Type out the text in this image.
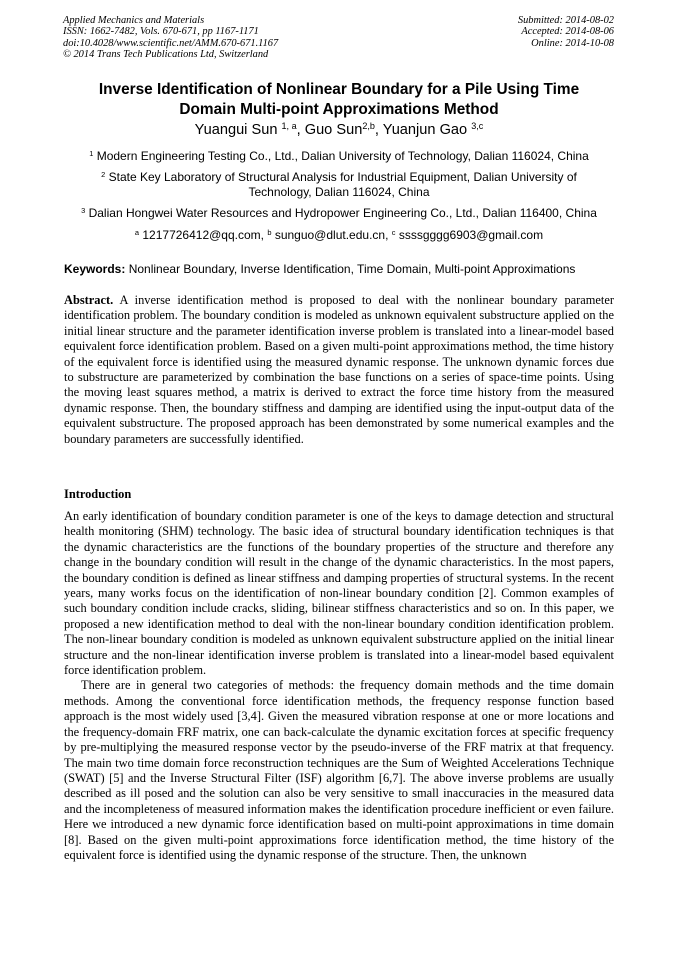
Applied Mechanics and Materials
ISSN: 1662-7482, Vols. 670-671, pp 1167-1171
doi:10.4028/www.scientific.net/AMM.670-671.1167
© 2014 Trans Tech Publications Ltd, Switzerland
Submitted: 2014-08-02
Accepted: 2014-08-06
Online: 2014-10-08
Inverse Identification of Nonlinear Boundary for a Pile Using Time
Domain Multi-point Approximations Method
Yuangui Sun $^{1, a}$, Guo Sun$^{2,b}$, Yuanjun Gao $^{3,c}$
$^1$ Modern Engineering Testing Co., Ltd., Dalian University of Technology, Dalian 116024, China
$^2$ State Key Laboratory of Structural Analysis for Industrial Equipment, Dalian University of
Technology, Dalian 116024, China
$^3$ Dalian Hongwei Water Resources and Hydropower Engineering Co., Ltd., Dalian 116400, China
$^a$ 1217726412@qq.com, $^b$ sunguo@dlut.edu.cn, $^c$ ssssgggg6903@gmail.com
Keywords: Nonlinear Boundary, Inverse Identification, Time Domain, Multi-point Approximations

Abstract. A inverse identification method is proposed to deal with the nonlinear boundary parameter identification problem. The boundary condition is modeled as unknown equivalent substructure applied on the initial linear structure and the parameter identification inverse problem is translated into a linear-model based equivalent force identification problem. Based on a given multi-point approximations method, the time history of the equivalent force is identified using the measured dynamic response. The unknown dynamic forces due to substructure are parameterized by combination the base functions on a series of space-time points. Using the moving least squares method, a matrix is derived to extract the force time history from the measured dynamic response. Then, the boundary stiffness and damping are identified using the input-output data of the equivalent substructure. The proposed approach has been demonstrated by some numerical examples and the boundary parameters are successfully identified.

Introduction

An early identification of boundary condition parameter is one of the keys to damage detection and structural health monitoring (SHM) technology. The basic idea of structural boundary identification techniques is that the dynamic characteristics are the functions of the boundary properties of the structure and therefore any change in the boundary condition will result in the change of the dynamic characteristics. In the most papers, the boundary condition is defined as linear stiffness and damping properties of structural systems. In the recent years, many works focus on the identification of non-linear boundary condition [2]. Common examples of such boundary condition include cracks, sliding, bilinear stiffness characteristics and so on. In this paper, we proposed a new identification method to deal with the non-linear boundary condition identification problem. The non-linear boundary condition is modeled as unknown equivalent substructure applied on the initial linear structure and the non-linear identification inverse problem is translated into a linear-model based equivalent force identification problem.

There are in general two categories of methods: the frequency domain methods and the time domain methods. Among the conventional force identification methods, the frequency response function based approach is the most widely used [3,4]. Given the measured vibration response at one or more locations and the frequency-domain FRF matrix, one can back-calculate the dynamic excitation forces at specific frequency by pre-multiplying the measured response vector by the pseudo-inverse of the FRF matrix at that frequency. The main two time domain force reconstruction techniques are the Sum of Weighted Accelerations Technique (SWAT) [5] and the Inverse Structural Filter (ISF) algorithm [6,7]. The above inverse problems are usually described as ill posed and the solution can also be very sensitive to small inaccuracies in the measured data and the incompleteness of measured information makes the identification procedure inefficient or even failure. Here we introduced a new dynamic force identification based on multi-point approximations in time domain [8]. Based on the given multi-point approximations force identification method, the time history of the equivalent force is identified using the dynamic response of the structure. Then, the unknown
